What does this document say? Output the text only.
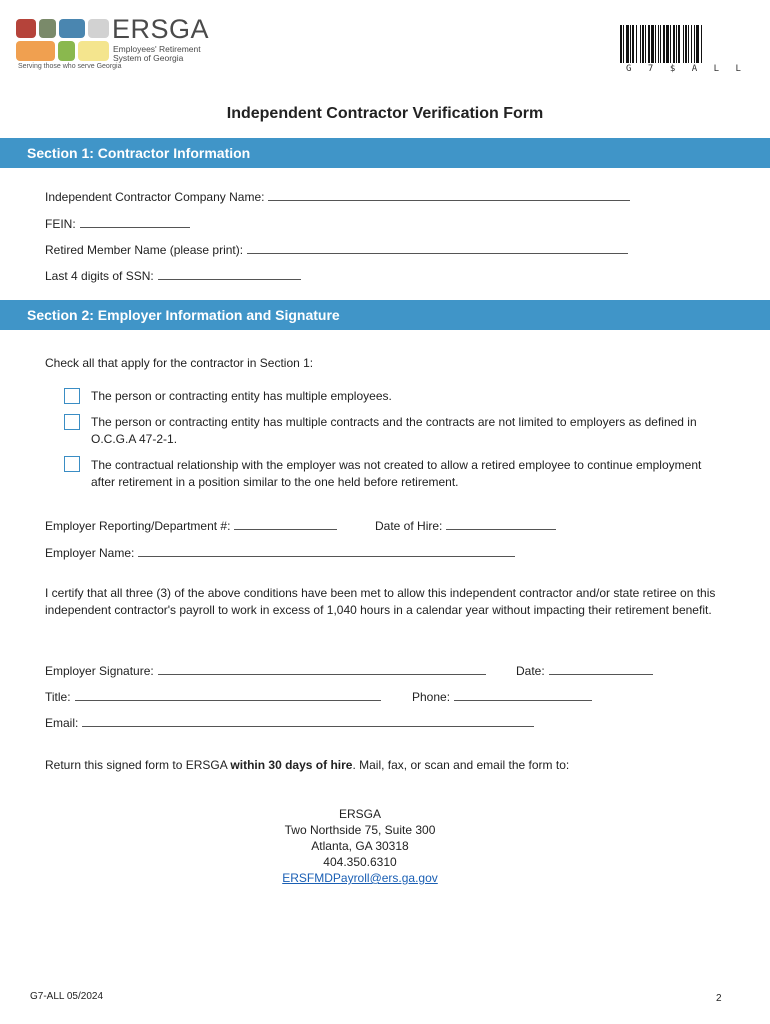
ERSGA
Employees' Retirement
System of Georgia
Serving those who serve Georgia	G 7 $ A L L
Independent Contractor Verification Form
Section 1: Contractor Information
Independent Contractor Company Name:
FEIN:
Retired Member Name (please print):
Last 4 digits of SSN:
Section 2: Employer Information and Signature
Check all that apply for the contractor in Section 1:
The person or contracting entity has multiple employees.
The person or contracting entity has multiple contracts and the contracts are not limited to employers as defined in O.C.G.A 47-2-1.
The contractual relationship with the employer was not created to allow a retired employee to continue employment after retirement in a position similar to the one held before retirement.
Employer Reporting/Department #:	Date of Hire:
Employer Name:
I certify that all three (3) of the above conditions have been met to allow this independent contractor and/or state retiree on this independent contractor's payroll to work in excess of 1,040 hours in a calendar year without impacting their retirement benefit.
Employer Signature:	Date:
Title:	Phone:
Email:
Return this signed form to ERSGA within 30 days of hire. Mail, fax, or scan and email the form to:
ERSGA
Two Northside 75, Suite 300
Atlanta, GA 30318
404.350.6310
ERSFMDPayroll@ers.ga.gov
G7-ALL 05/2024	2
